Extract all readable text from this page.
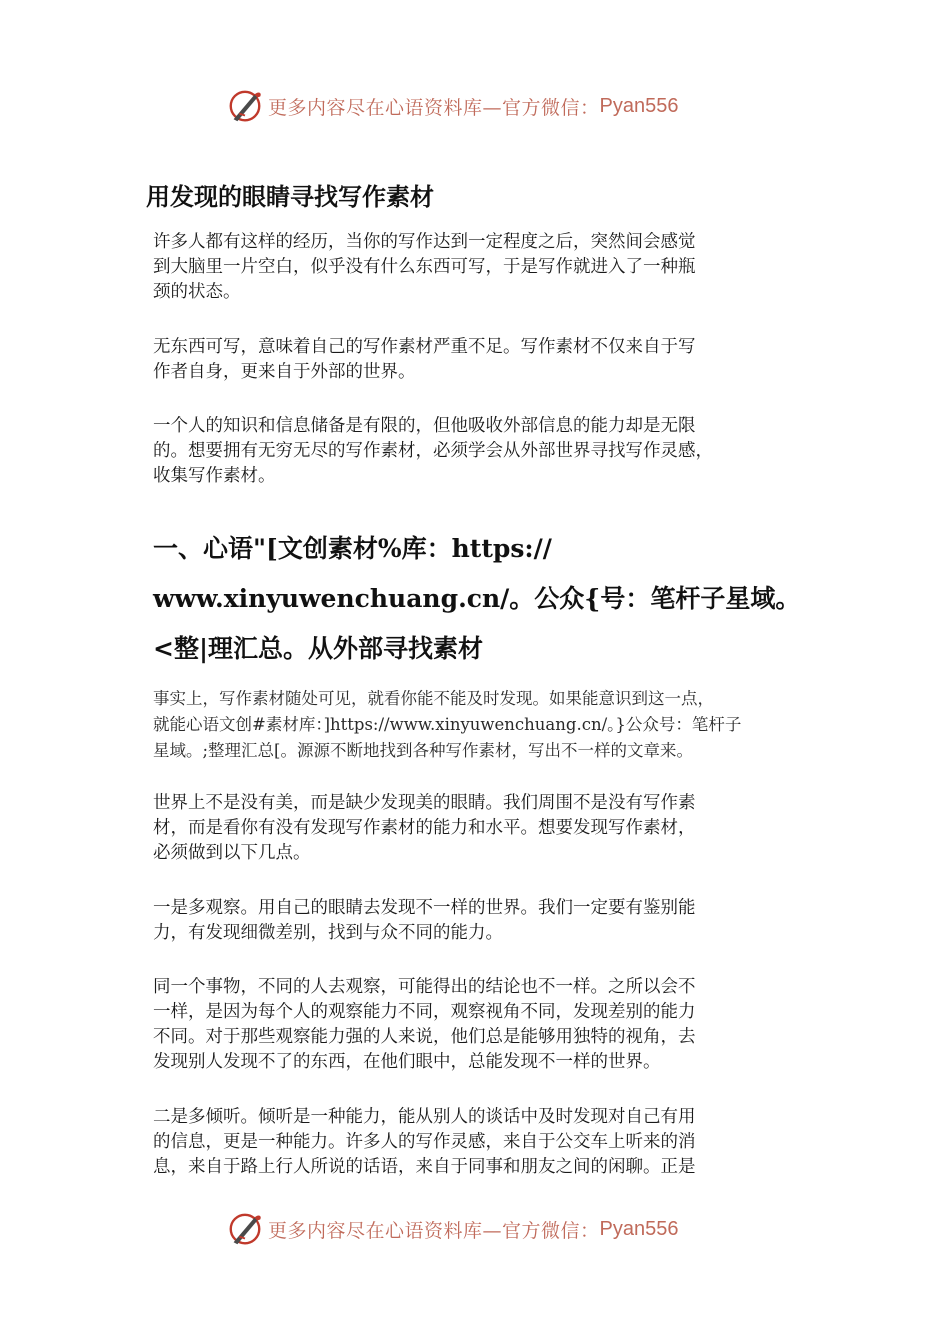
更多内容尽在心语资料库—官方微信： Pyan556
用发现的眼睛寻找写作素材

许多人都有这样的经历，当你的写作达到一定程度之后，突然间会感觉
到大脑里一片空白，似乎没有什么东西可写，于是写作就进入了一种瓶
颈的状态。

无东西可写，意味着自己的写作素材严重不足。写作素材不仅来自于写
作者自身，更来自于外部的世界。

一个人的知识和信息储备是有限的，但他吸收外部信息的能力却是无限
的。想要拥有无穷无尽的写作素材，必须学会从外部世界寻找写作灵感，
收集写作素材。

一、心语"[文创素材%库：https://
www.xinyuwenchuang.cn/。公众{号：笔杆子星域。
<整|理汇总。从外部寻找素材

事实上，写作素材随处可见，就看你能不能及时发现。如果能意识到这一点，
就能心语文创#素材库：]https://www.xinyuwenchuang.cn/。}公众号：笔杆子
星域。;整理汇总[。源源不断地找到各种写作素材，写出不一样的文章来。

世界上不是没有美，而是缺少发现美的眼睛。我们周围不是没有写作素
材，而是看你有没有发现写作素材的能力和水平。想要发现写作素材，
必须做到以下几点。

一是多观察。用自己的眼睛去发现不一样的世界。我们一定要有鉴别能
力，有发现细微差别，找到与众不同的能力。

同一个事物，不同的人去观察，可能得出的结论也不一样。之所以会不
一样，是因为每个人的观察能力不同，观察视角不同，发现差别的能力
不同。对于那些观察能力强的人来说，他们总是能够用独特的视角，去
发现别人发现不了的东西，在他们眼中，总能发现不一样的世界。

二是多倾听。倾听是一种能力，能从别人的谈话中及时发现对自己有用
的信息，更是一种能力。许多人的写作灵感，来自于公交车上听来的消
息，来自于路上行人所说的话语，来自于同事和朋友之间的闲聊。正是

更多内容尽在心语资料库—官方微信： Pyan556
